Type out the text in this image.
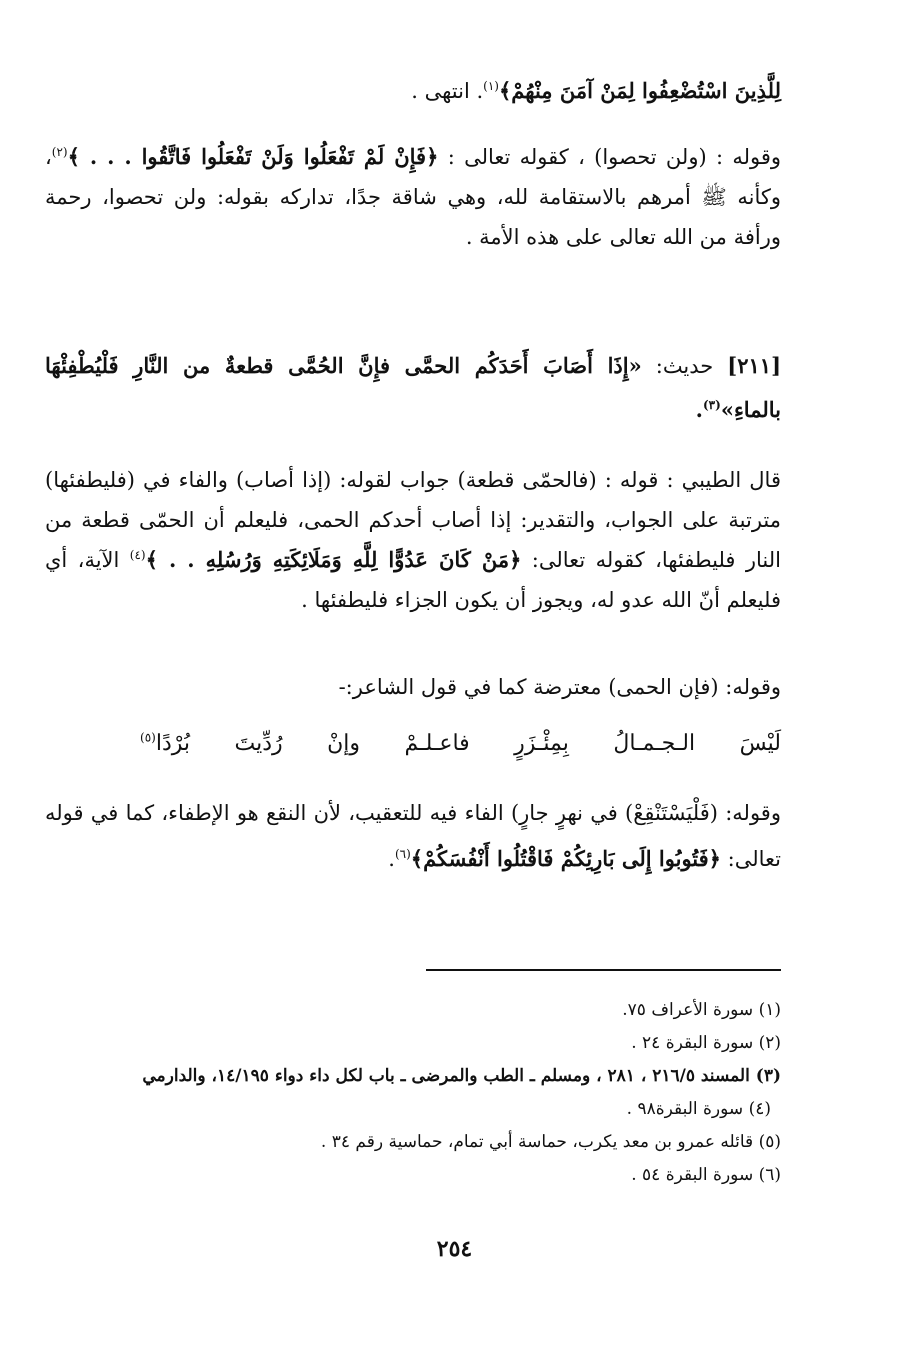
لِلَّذِينَ اسْتُضْعِفُوا لِمَنْ آمَنَ مِنْهُمْ﴾$^{(١)}$. انتهى .

وقوله : (ولن تحصوا) ، كقوله تعالى : ﴿فَإِنْ لَمْ تَفْعَلُوا وَلَنْ تَفْعَلُوا فَاتَّقُوا . . . ﴾$^{(٢)}$، وكأنه ﷺ أمرهم بالاستقامة لله، وهي شاقة جدًا، تداركه بقوله: ولن تحصوا، رحمة ورأفة من الله تعالى على هذه الأمة .

[٢١١] حديث: «إِذَا أَصَابَ أَحَدَكُم الحمَّى فإِنَّ الحُمَّى قطعةٌ من النَّارِ فَلْيُطْفِئْهَا بالماءِ»$^{(٣)}$.

قال الطيبي : قوله : (فالحمّى قطعة) جواب لقوله: (إذا أصاب) والفاء في (فليطفئها) مترتبة على الجواب، والتقدير: إذا أصاب أحدكم الحمى، فليعلم أن الحمّى قطعة من النار فليطفئها، كقوله تعالى: ﴿مَنْ كَانَ عَدُوًّا لِلَّهِ وَمَلَائِكَتِهِ وَرُسُلِهِ . . ﴾$^{(٤)}$ الآية، أي فليعلم أنّ الله عدو له، ويجوز أن يكون الجزاء فليطفئها .

وقوله: (فإن الحمى) معترضة كما في قول الشاعر:-

لَيْسَ
الـجـمـالُ
بِمِئْـزَرٍ
فاعـلـمْ
وإنْ
رُدِّيتَ
بُرْدًا$^{(٥)}$

وقوله: (فَلْيَسْتَنْقِعْ) في نهرٍ جارٍ) الفاء فيه للتعقيب، لأن النقع هو الإطفاء، كما في قوله تعالى: ﴿فَتُوبُوا إِلَى بَارِئِكُمْ فَاقْتُلُوا أَنْفُسَكُمْ﴾$^{(٦)}$.

(١) سورة الأعراف ٧٥.
(٢) سورة البقرة ٢٤ .
(٣) المسند ٢١٦/٥ ، ٢٨١ ، ومسلم ـ الطب والمرضى ـ باب لكل داء دواء ١٤/١٩٥، والدارمي
(٤) سورة البقرة٩٨ .
(٥) قائله عمرو بن معد يكرب، حماسة أبي تمام، حماسية رقم ٣٤ .
(٦) سورة البقرة ٥٤ .
٢٥٤
